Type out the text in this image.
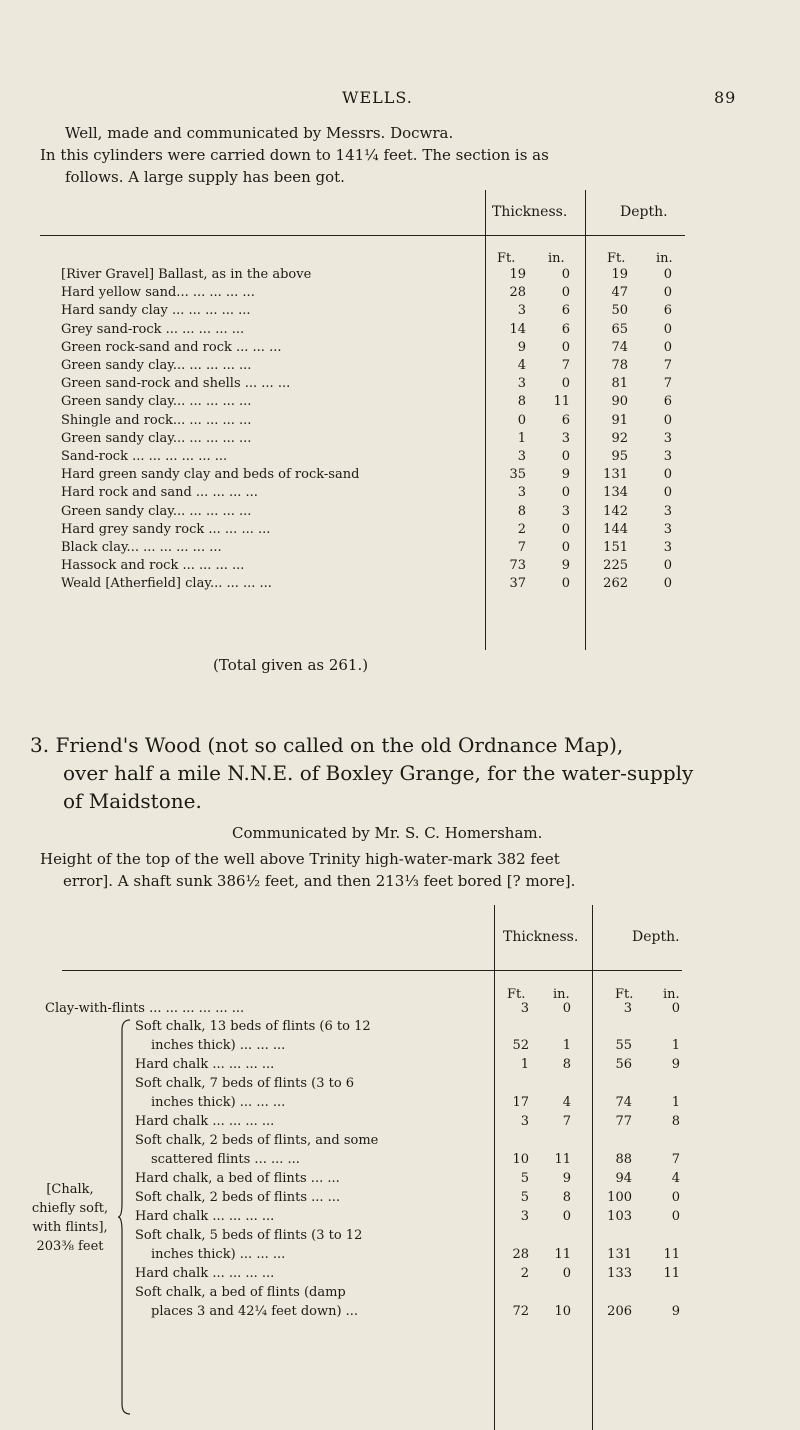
WELLS.	89
Well, made and communicated by Messrs. Docwra.
In this cylinders were carried down to 141¼ feet. The section is as
follows. A large supply has been got.
Thickness.	Depth.
Ft.	in.	Ft. in.
[River Gravel] Ballast, as in the above	19	0	19	0
Hard yellow sand... ... ... ... ...	28	0	47	0
Hard sandy clay ... ... ... ... ...	3	6	50	6
Grey sand-rock ... ... ... ... ...	14	6	65	0
Green rock-sand and rock ... ... ...	9	0	74	0
Green sandy clay... ... ... ... ...	4	7	78	7
Green sand-rock and shells ... ... ...	3	0	81	7
Green sandy clay... ... ... ... ...	8	11	90	6
Shingle and rock... ... ... ... ...	0	6	91	0
Green sandy clay... ... ... ... ...	1	3	92	3
Sand-rock ... ... ... ... ... ...	3	0	95	3
Hard green sandy clay and beds of rock-sand	35	9	131	0
Hard rock and sand ... ... ... ...	3	0	134	0
Green sandy clay... ... ... ... ...	8	3	142	3
Hard grey sandy rock ... ... ... ...	2	0	144	3
Black clay... ... ... ... ... ...	7	0	151	3
Hassock and rock ... ... ... ...	73	9	225	0
Weald [Atherfield] clay... ... ... ...	37	0	262	0
(Total given as 261.)
3. Friend's Wood (not so called on the old Ordnance Map),
over half a mile N.N.E. of Boxley Grange, for the water-supply
of Maidstone.
Communicated by Mr. S. C. Homersham.
Height of the top of the well above Trinity high-water-mark 382 feet
error]. A shaft sunk 386½ feet, and then 213⅓ feet bored [? more].
Thickness.	Depth.
Ft. in.	Ft. in.
Clay-with-flints ... ... ... ... ... ...	3	0	3	0
[Chalk,
chiefly soft,
with flints],
203⅜ feet
Soft chalk, 13 beds of flints (6 to 12
inches thick) ... ... ...	52	1	55	1
Hard chalk ... ... ... ...	1	8	56	9
Soft chalk, 7 beds of flints (3 to 6
inches thick) ... ... ...	17	4	74	1
Hard chalk ... ... ... ...	3	7	77	8
Soft chalk, 2 beds of flints, and some
scattered flints ... ... ...	10	11	88	7
Hard chalk, a bed of flints ... ...	5	9	94	4
Soft chalk, 2 beds of flints ... ...	5	8	100	0
Hard chalk ... ... ... ...	3	0	103	0
Soft chalk, 5 beds of flints (3 to 12
inches thick) ... ... ...	28	11	131	11
Hard chalk ... ... ... ...	2	0	133	11
Soft chalk, a bed of flints (damp
places 3 and 42¼ feet down) ...	72	10	206	9
